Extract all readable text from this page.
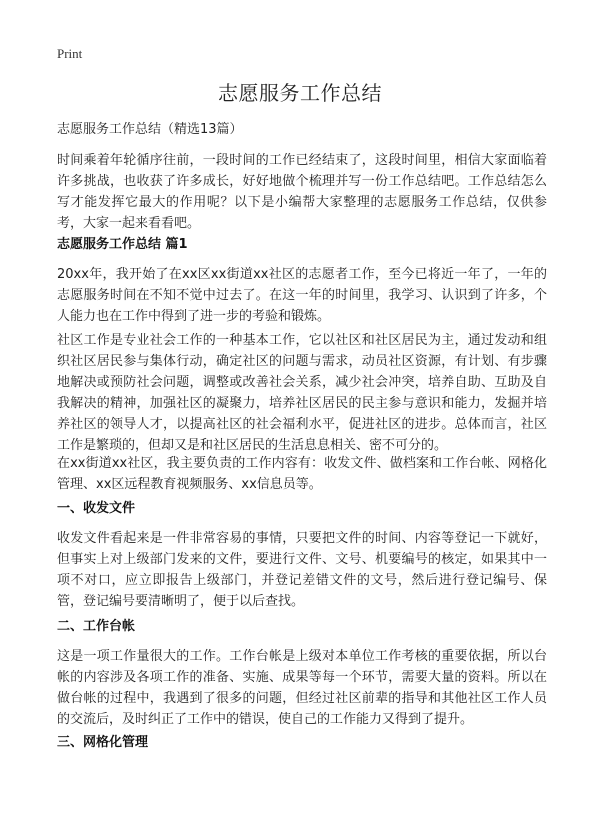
Print
志愿服务工作总结

志愿服务工作总结（精选13篇）

时间乘着年轮循序往前，一段时间的工作已经结束了，这段时间里，相信大家面临着许多挑战，也收获了许多成长，好好地做个梳理并写一份工作总结吧。工作总结怎么写才能发挥它最大的作用呢？以下是小编帮大家整理的志愿服务工作总结，仅供参考，大家一起来看看吧。

志愿服务工作总结 篇1

20xx年，我开始了在xx区xx街道xx社区的志愿者工作，至今已将近一年了，一年的志愿服务时间在不知不觉中过去了。在这一年的时间里，我学习、认识到了许多，个人能力也在工作中得到了进一步的考验和锻炼。

社区工作是专业社会工作的一种基本工作，它以社区和社区居民为主，通过发动和组织社区居民参与集体行动，确定社区的问题与需求，动员社区资源，有计划、有步骤地解决或预防社会问题，调整或改善社会关系，减少社会冲突，培养自助、互助及自我解决的精神，加强社区的凝聚力，培养社区居民的民主参与意识和能力，发掘并培养社区的领导人才，以提高社区的社会福利水平，促进社区的进步。总体而言，社区工作是繁琐的，但却又是和社区居民的生活息息相关、密不可分的。

在xx街道xx社区，我主要负责的工作内容有：收发文件、做档案和工作台帐、网格化管理、xx区远程教育视频服务、xx信息员等。

一、收发文件

收发文件看起来是一件非常容易的事情，只要把文件的时间、内容等登记一下就好，但事实上对上级部门发来的文件，要进行文件、文号、机要编号的核定，如果其中一项不对口，应立即报告上级部门，并登记差错文件的文号，然后进行登记编号、保管，登记编号要清晰明了，便于以后查找。

二、工作台帐

这是一项工作量很大的工作。工作台帐是上级对本单位工作考核的重要依据，所以台帐的内容涉及各项工作的准备、实施、成果等每一个环节，需要大量的资料。所以在做台帐的过程中，我遇到了很多的问题，但经过社区前辈的指导和其他社区工作人员的交流后，及时纠正了工作中的错误，使自己的工作能力又得到了提升。

三、网格化管理
